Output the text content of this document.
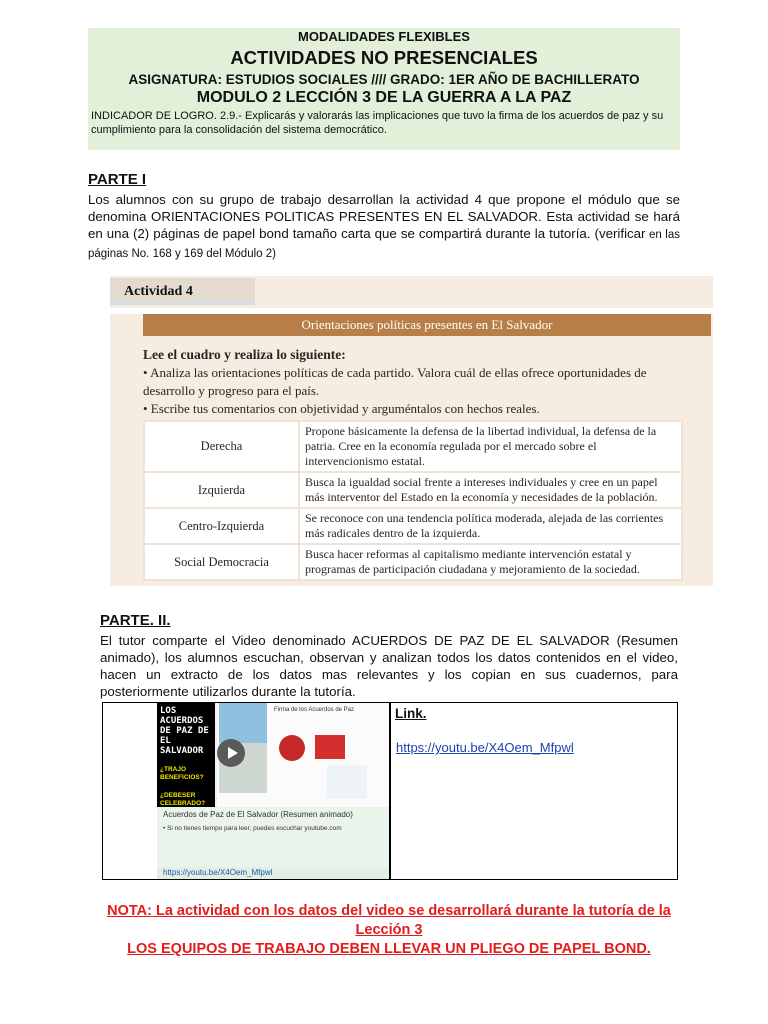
MODALIDADES FLEXIBLES
ACTIVIDADES NO PRESENCIALES
ASIGNATURA: ESTUDIOS SOCIALES //// GRADO: 1ER AÑO DE BACHILLERATO
MODULO 2 LECCIÓN 3 DE LA GUERRA A LA PAZ
INDICADOR DE LOGRO. 2.9.- Explicarás y valorarás las implicaciones que tuvo la firma de los acuerdos de paz y su cumplimiento para la consolidación del sistema democrático.
PARTE I
Los alumnos con su grupo de trabajo desarrollan la actividad 4 que propone el módulo que se denomina ORIENTACIONES POLITICAS PRESENTES EN EL SALVADOR. Esta actividad se hará en una (2) páginas de papel bond tamaño carta que se compartirá durante la tutoría. (verificar en las páginas No. 168 y 169 del Módulo 2)
Actividad 4
Orientaciones políticas presentes en El Salvador
Lee el cuadro y realiza lo siguiente:
• Analiza las orientaciones políticas de cada partido. Valora cuál de ellas ofrece oportunidades de desarrollo y progreso para el país.
• Escribe tus comentarios con objetividad y arguméntalos con hechos reales.
Derecha	Propone básicamente la defensa de la libertad individual, la defensa de la patria. Cree en la economía regulada por el mercado sobre el intervencionismo estatal.
Izquierda	Busca la igualdad social frente a intereses individuales y cree en un papel más interventor del Estado en la economía y necesidades de la población.
Centro-Izquierda	Se reconoce con una tendencia política moderada, alejada de las corrientes más radicales dentro de la izquierda.
Social Democracia	Busca hacer reformas al capitalismo mediante intervención estatal y programas de participación ciudadana y mejoramiento de la sociedad.
PARTE. II.
El tutor comparte el Video denominado ACUERDOS DE PAZ DE EL SALVADOR (Resumen animado), los alumnos escuchan, observan y analizan todos los datos contenidos en el video, hacen un extracto de los datos mas relevantes y los copian en sus cuadernos, para posteriormente utilizarlos durante la tutoría.
LOS
ACUERDOS
DE PAZ DE
EL SALVADOR
¿TRAJO BENEFICIOS?
¿DEBESER CELEBRADO?
Firma de los Acuerdos de Paz
Acuerdos de Paz de El Salvador (Resumen animado)
• Si no tienes tiempo para leer, puedes escuchar youtube.com
https://youtu.be/X4Oem_Mfpwl
Link.
https://youtu.be/X4Oem_Mfpwl
NOTA: La actividad con los datos del video se desarrollará durante la tutoría de la Lección 3
LOS EQUIPOS DE TRABAJO DEBEN LLEVAR UN PLIEGO DE PAPEL BOND.
